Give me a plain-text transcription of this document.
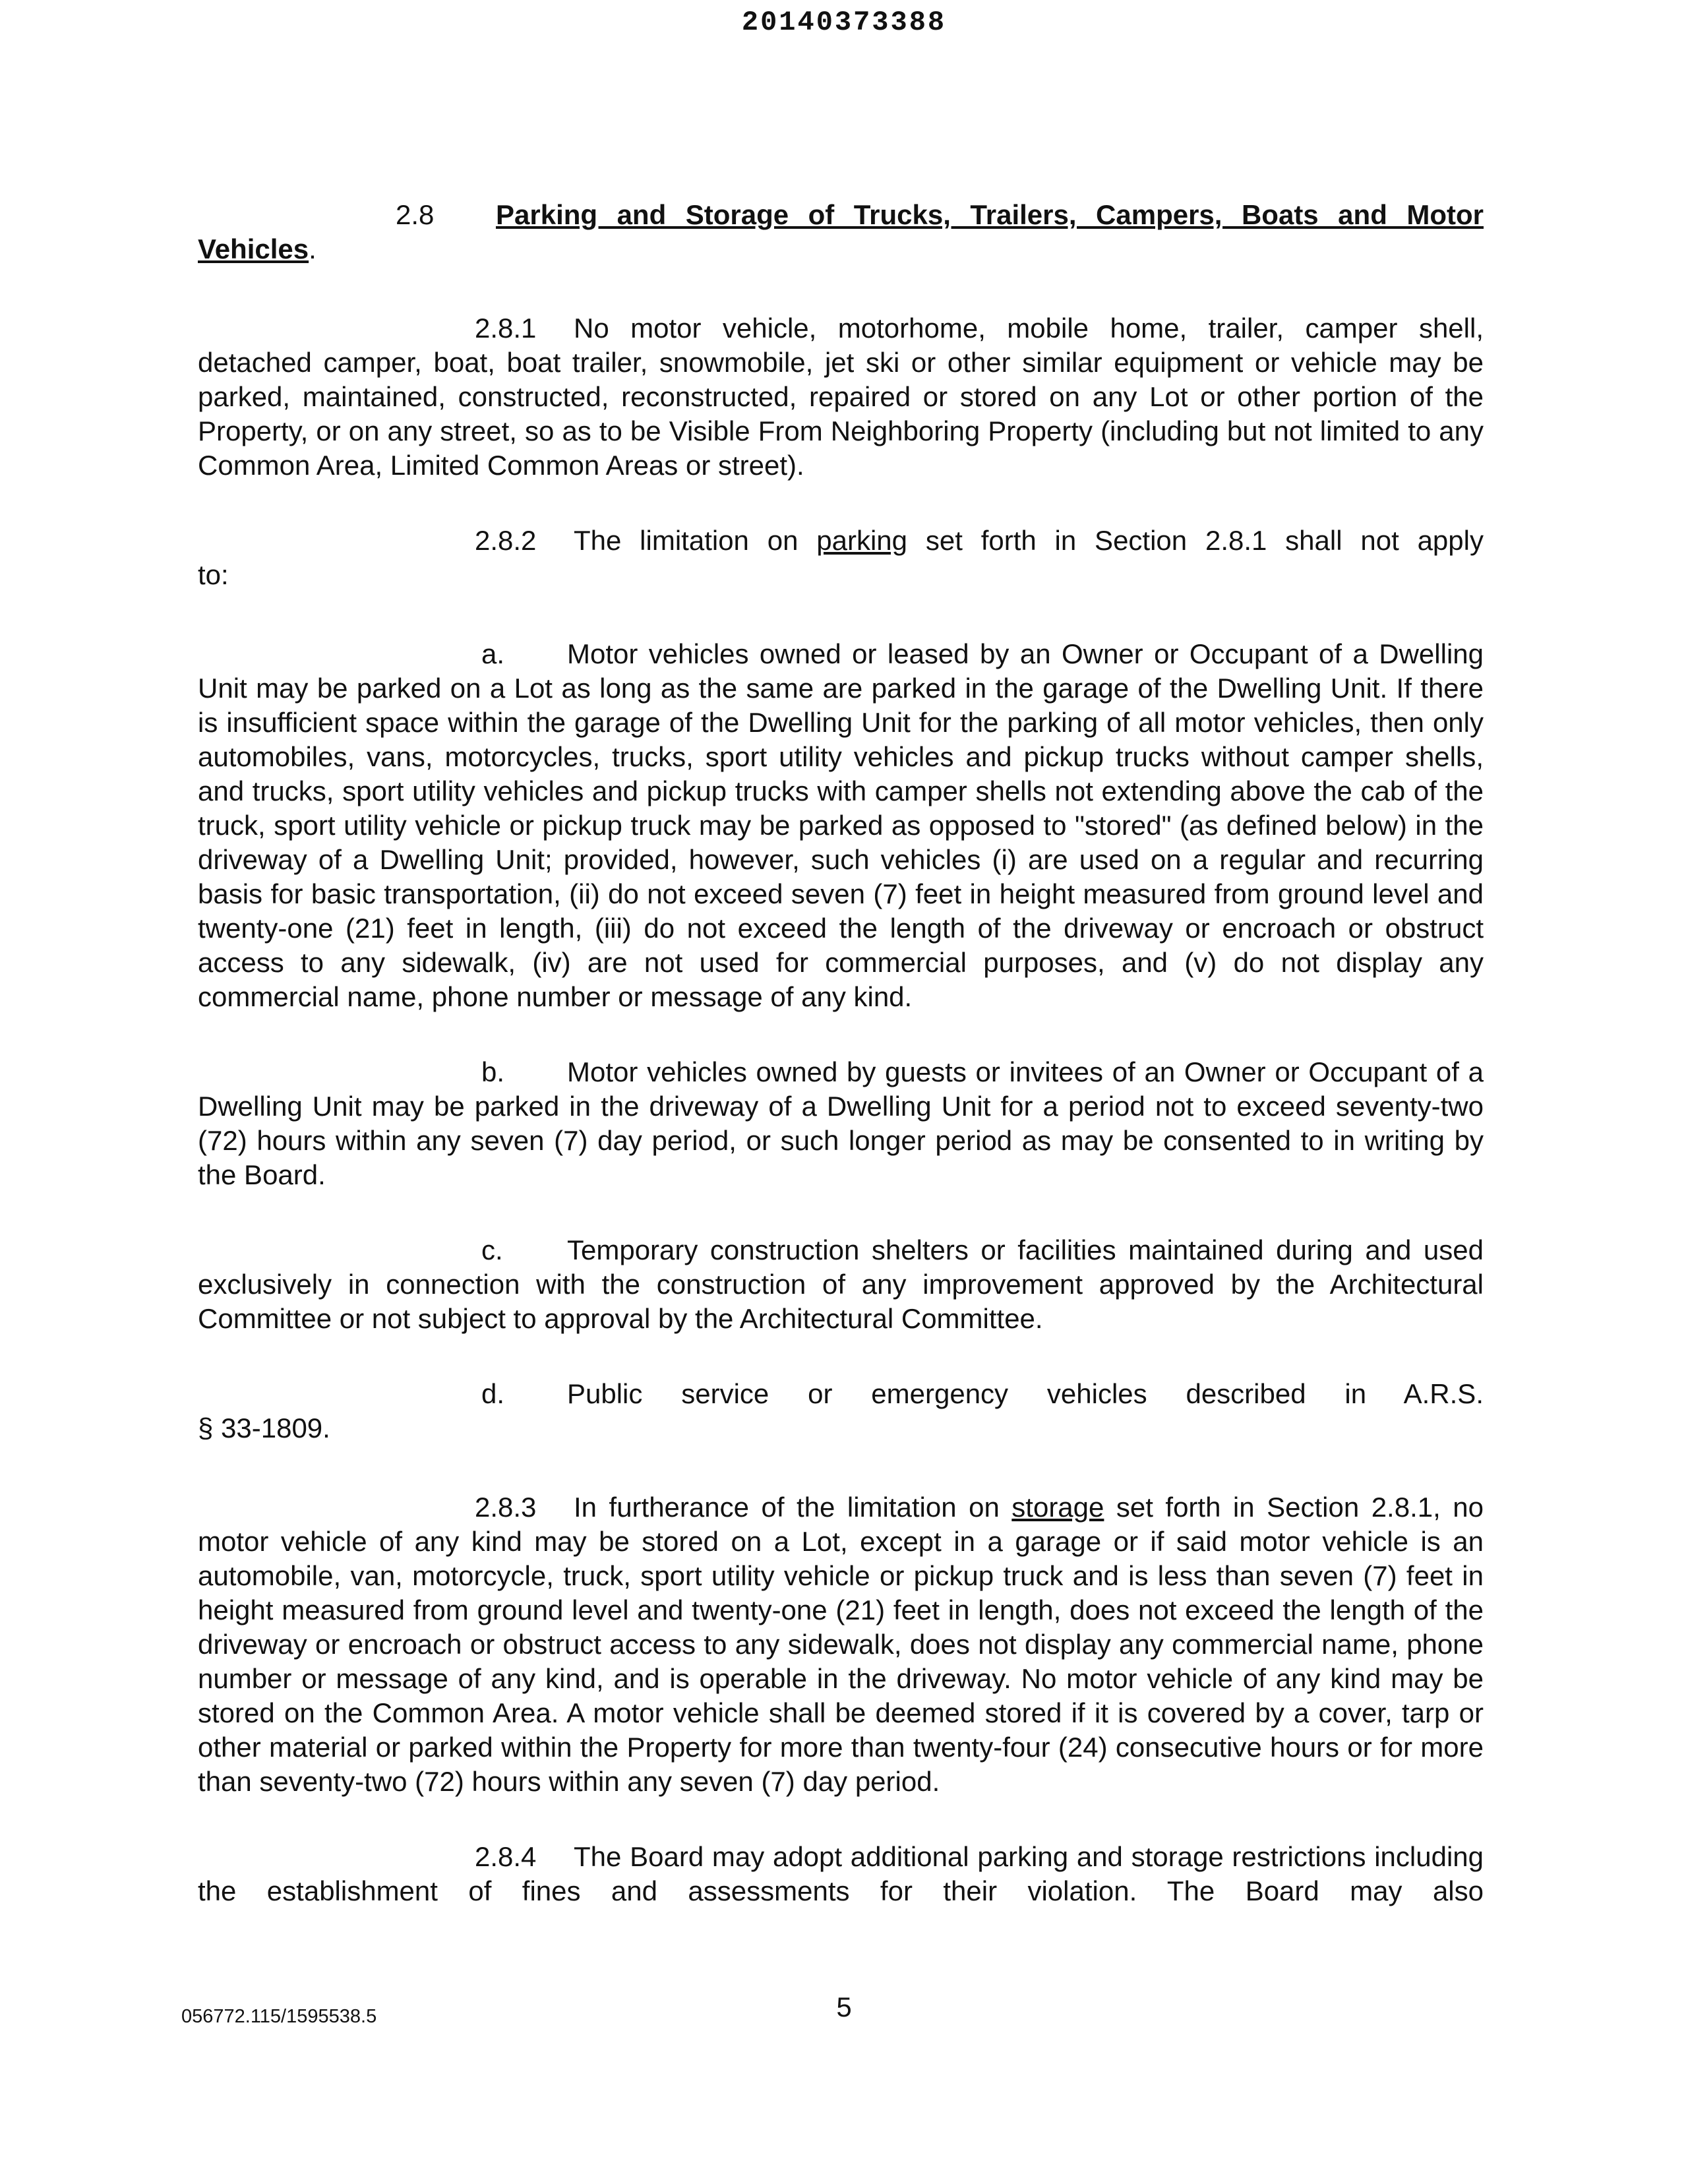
20140373388
2.8 Parking and Storage of Trucks, Trailers, Campers, Boats and Motor
Vehicles.

2.8.1 No motor vehicle, motorhome, mobile home, trailer, camper shell, detached camper, boat, boat trailer, snowmobile, jet ski or other similar equipment or vehicle may be parked, maintained, constructed, reconstructed, repaired or stored on any Lot or other portion of the Property, or on any street, so as to be Visible From Neighboring Property (including but not limited to any Common Area, Limited Common Areas or street).

2.8.2 The limitation on parking set forth in Section 2.8.1 shall not apply
to:

a. Motor vehicles owned or leased by an Owner or Occupant of a Dwelling Unit may be parked on a Lot as long as the same are parked in the garage of the Dwelling Unit. If there is insufficient space within the garage of the Dwelling Unit for the parking of all motor vehicles, then only automobiles, vans, motorcycles, trucks, sport utility vehicles and pickup trucks without camper shells, and trucks, sport utility vehicles and pickup trucks with camper shells not extending above the cab of the truck, sport utility vehicle or pickup truck may be parked as opposed to "stored" (as defined below) in the driveway of a Dwelling Unit; provided, however, such vehicles (i) are used on a regular and recurring basis for basic transportation, (ii) do not exceed seven (7) feet in height measured from ground level and twenty-one (21) feet in length, (iii) do not exceed the length of the driveway or encroach or obstruct access to any sidewalk, (iv) are not used for commercial purposes, and (v) do not display any commercial name, phone number or message of any kind.

b. Motor vehicles owned by guests or invitees of an Owner or Occupant of a Dwelling Unit may be parked in the driveway of a Dwelling Unit for a period not to exceed seventy-two (72) hours within any seven (7) day period, or such longer period as may be consented to in writing by the Board.

c. Temporary construction shelters or facilities maintained during and used exclusively in connection with the construction of any improvement approved by the Architectural Committee or not subject to approval by the Architectural Committee.

d. Public service or emergency vehicles described in A.R.S.
§ 33-1809.

2.8.3 In furtherance of the limitation on storage set forth in Section 2.8.1, no motor vehicle of any kind may be stored on a Lot, except in a garage or if said motor vehicle is an automobile, van, motorcycle, truck, sport utility vehicle or pickup truck and is less than seven (7) feet in height measured from ground level and twenty-one (21) feet in length, does not exceed the length of the driveway or encroach or obstruct access to any sidewalk, does not display any commercial name, phone number or message of any kind, and is operable in the driveway. No motor vehicle of any kind may be stored on the Common Area. A motor vehicle shall be deemed stored if it is covered by a cover, tarp or other material or parked within the Property for more than twenty-four (24) consecutive hours or for more than seventy-two (72) hours within any seven (7) day period.

2.8.4 The Board may adopt additional parking and storage restrictions including the establishment of fines and assessments for their violation. The Board may also

5
056772.115/1595538.5
